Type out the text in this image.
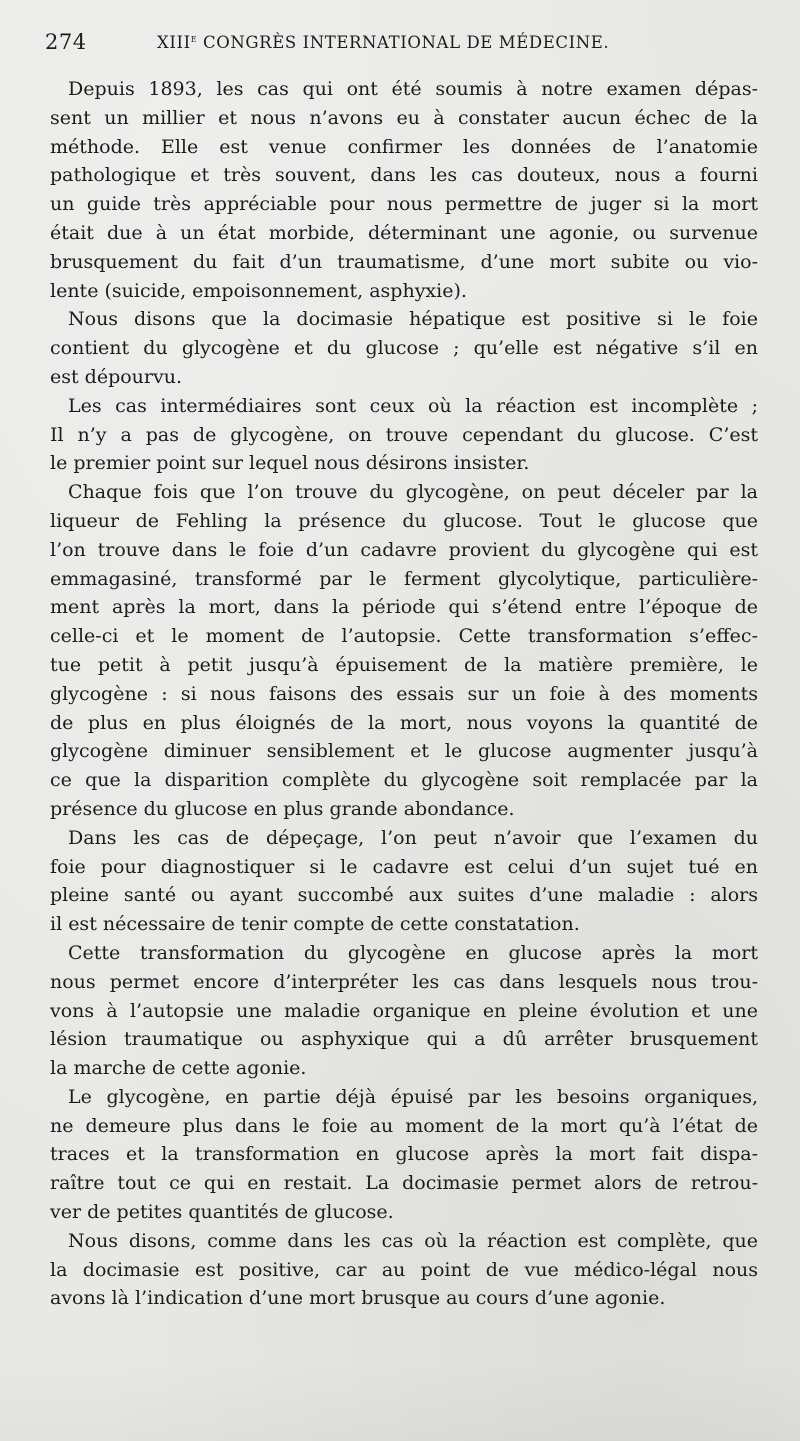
274	XIIIe CONGRÈS INTERNATIONAL DE MÉDECINE.
Depuis 1893, les cas qui ont été soumis à notre examen dépas-
sent un millier et nous n’avons eu à constater aucun échec de la
méthode. Elle est venue confirmer les données de l’anatomie
pathologique et très souvent, dans les cas douteux, nous a fourni
un guide très appréciable pour nous permettre de juger si la mort
était due à un état morbide, déterminant une agonie, ou survenue
brusquement du fait d’un traumatisme, d’une mort subite ou vio-
lente (suicide, empoisonnement, asphyxie).
Nous disons que la docimasie hépatique est positive si le foie
contient du glycogène et du glucose ; qu’elle est négative s’il en
est dépourvu.
Les cas intermédiaires sont ceux où la réaction est incomplète ;
Il n’y a pas de glycogène, on trouve cependant du glucose. C’est
le premier point sur lequel nous désirons insister.
Chaque fois que l’on trouve du glycogène, on peut déceler par la
liqueur de Fehling la présence du glucose. Tout le glucose que
l’on trouve dans le foie d’un cadavre provient du glycogène qui est
emmagasiné, transformé par le ferment glycolytique, particulière-
ment après la mort, dans la période qui s’étend entre l’époque de
celle-ci et le moment de l’autopsie. Cette transformation s’effec-
tue petit à petit jusqu’à épuisement de la matière première, le
glycogène : si nous faisons des essais sur un foie à des moments
de plus en plus éloignés de la mort, nous voyons la quantité de
glycogène diminuer sensiblement et le glucose augmenter jusqu’à
ce que la disparition complète du glycogène soit remplacée par la
présence du glucose en plus grande abondance.
Dans les cas de dépeçage, l’on peut n’avoir que l’examen du
foie pour diagnostiquer si le cadavre est celui d’un sujet tué en
pleine santé ou ayant succombé aux suites d’une maladie : alors
il est nécessaire de tenir compte de cette constatation.
Cette transformation du glycogène en glucose après la mort
nous permet encore d’interpréter les cas dans lesquels nous trou-
vons à l’autopsie une maladie organique en pleine évolution et une
lésion traumatique ou asphyxique qui a dû arrêter brusquement
la marche de cette agonie.
Le glycogène, en partie déjà épuisé par les besoins organiques,
ne demeure plus dans le foie au moment de la mort qu’à l’état de
traces et la transformation en glucose après la mort fait dispa-
raître tout ce qui en restait. La docimasie permet alors de retrou-
ver de petites quantités de glucose.
Nous disons, comme dans les cas où la réaction est complète, que
la docimasie est positive, car au point de vue médico-légal nous
avons là l’indication d’une mort brusque au cours d’une agonie.
